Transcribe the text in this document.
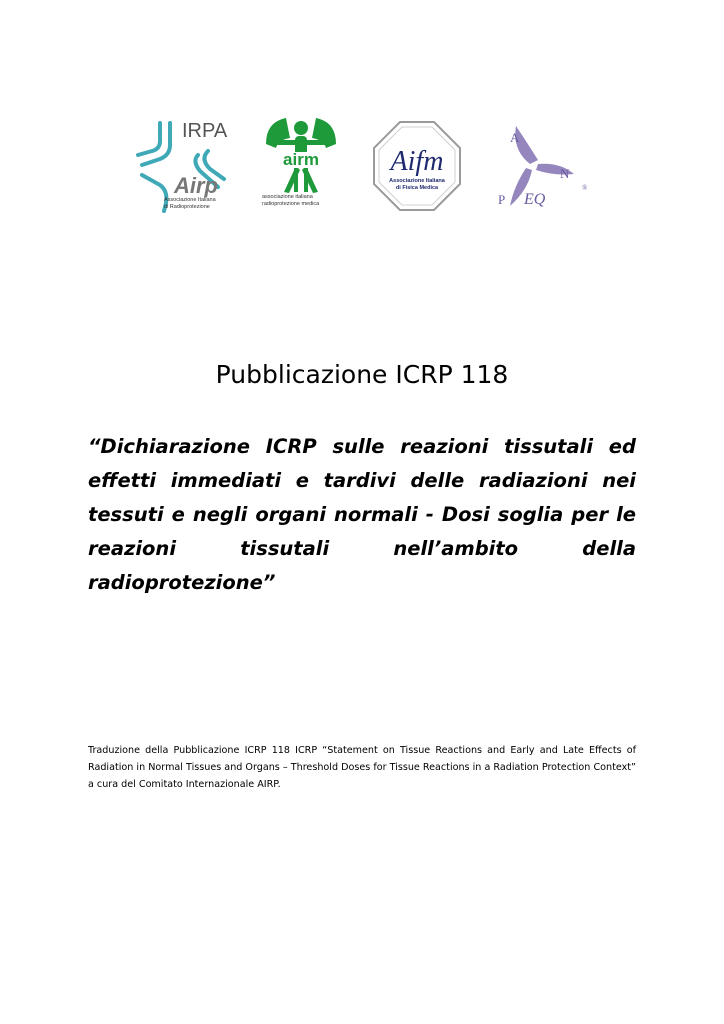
IRPA
Airp
Associazione Italiana
di Radioprotezione
airm
associazione italiana
radioprotezione medica
Aifm
Associazione Italiana
di Fisica Medica
A
N
P EQ
®
Pubblicazione ICRP 118
“Dichiarazione ICRP sulle reazioni tissutali ed effetti immediati e tardivi delle radiazioni nei tessuti e negli organi normali - Dosi soglia per le reazioni tissutali nell’ambito della radioprotezione”
Traduzione della Pubblicazione ICRP 118 ICRP “Statement on Tissue Reactions and Early and Late Effects of Radiation in Normal Tissues and Organs – Threshold Doses for Tissue Reactions in a Radiation Protection Context” a cura del Comitato Internazionale AIRP.
